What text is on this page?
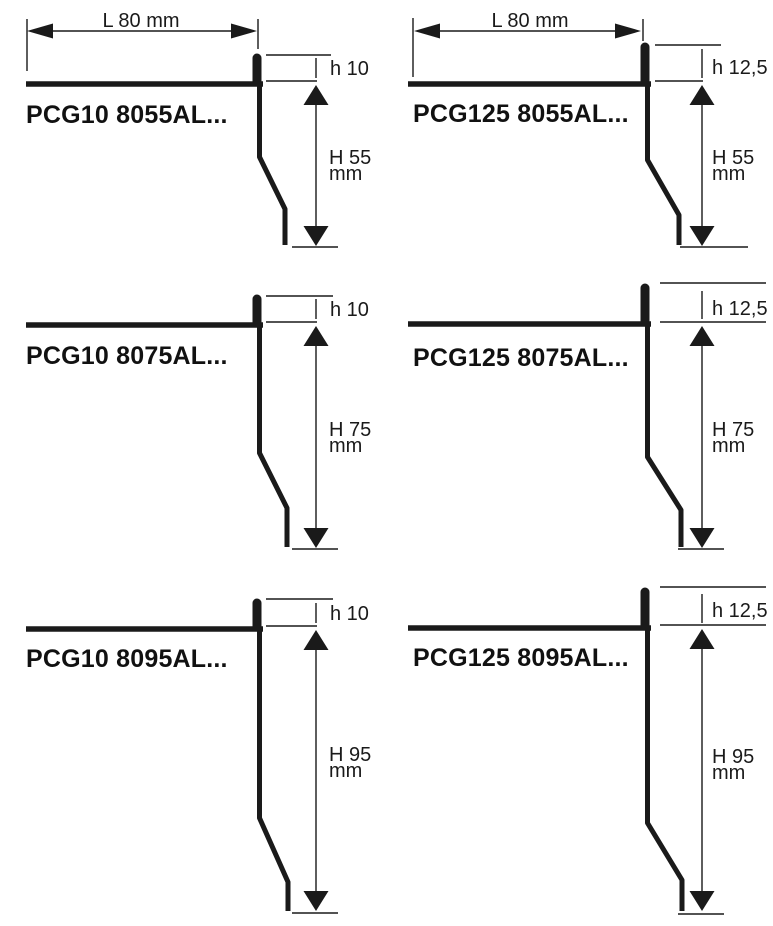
L 80 mm
h 10
H 55
mm
PCG10 8055AL...
L 80 mm
h 12,5
H 55
mm
PCG125 8055AL...
h 10
H 75
mm
PCG10 8075AL...
h 12,5
H 75
mm
PCG125 8075AL...
h 10
H 95
mm
PCG10 8095AL...
h 12,5
H 95
mm
PCG125 8095AL...
